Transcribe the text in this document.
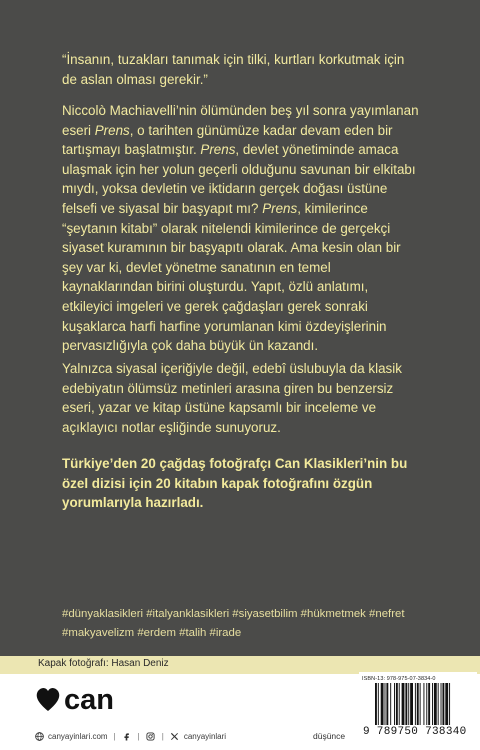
“İnsanın, tuzakları tanımak için tilki, kurtları korkutmak için de aslan olması gerekir.”

Niccolò Machiavelli’nin ölümünden beş yıl sonra yayımlanan eseri Prens, o tarihten günümüze kadar devam eden bir tartışmayı başlatmıştır. Prens, devlet yönetiminde amaca ulaşmak için her yolun geçerli olduğunu savunan bir elkitabı mıydı, yoksa devletin ve iktidarın gerçek doğası üstüne felsefi ve siyasal bir başyapıt mı? Prens, kimilerince “şeytanın kitabı” olarak nitelendi kimilerince de gerçekçi siyaset kuramının bir başyapıtı olarak. Ama kesin olan bir şey var ki, devlet yönetme sanatının en temel kaynaklarından birini oluşturdu. Yapıt, özlü anlatımı, etkileyici imgeleri ve gerek çağdaşları gerek sonraki kuşaklarca harfi harfine yorumlanan kimi özdeyişlerinin pervasızlığıyla çok daha büyük ün kazandı.

Yalnızca siyasal içeriğiyle değil, edebî üslubuyla da klasik edebiyatın ölümsüz metinleri arasına giren bu benzersiz eseri, yazar ve kitap üstüne kapsamlı bir inceleme ve açıklayıcı notlar eşliğinde sunuyoruz.

Türkiye’den 20 çağdaş fotoğrafçı Can Klasikleri’nin bu özel dizisi için 20 kitabın kapak fotoğrafını özgün yorumlarıyla hazırladı.

#dünyaklasikleri #italyanklasikleri #siyasetbilim #hükmetmek #nefret
#makyavelizm #erdem #talih #irade
Kapak fotoğrafı: Hasan Deniz
can
canyayinlari.com |	|	|	canyayinlari	düşünce
ISBN-13: 978-975-07-3834-0
9 789750 738340
